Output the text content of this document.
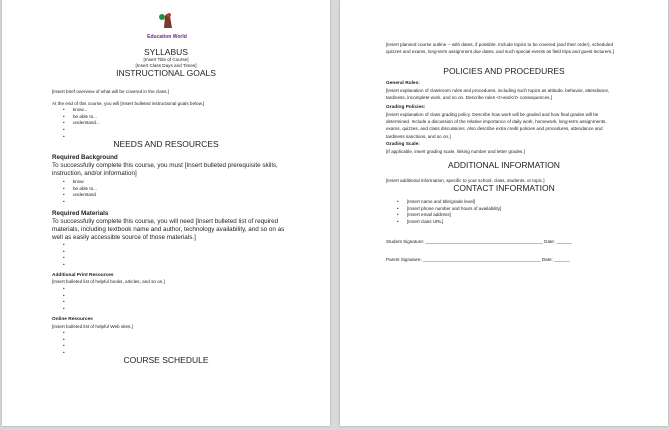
Education World
SYLLABUS
[Insert Title of Course]
[Insert Class Days and Times]
INSTRUCTIONAL GOALS
[Insert brief overview of what will be covered in the class.]
At the end of this course, you will [Insert bulleted instructional goals below.]
• know...
• be able to...
• understand...
•
•
NEEDS AND RESOURCES
Required Background
To successfully complete this course, you must [Insert bulleted prerequisite skills, instruction, and/or information]
• know
• be able to...
• understand
•
Required Materials
To successfully complete this course, you will need [Insert bulleted list of required materials, including textbook name and author, technology availability, and so on as well as easily accessible source of those materials.]
•
•
•
•
Additional Print Resources
[Insert bulleted list of helpful books, articles, and so on.]
•
•
•
•
Online Resources
[Insert bulleted list of helpful Web sites.]
•
•
•
•
COURSE SCHEDULE
[Insert planned course outline -- with dates, if possible. Include topics to be covered (and their order), scheduled quizzes and exams, long-term assignment due dates, and such special events as field trips and guest lecturers.]
POLICIES AND PROCEDURES
General Rules:
[Insert explanation of classroom rules and procedures, including such topics as attitude, behavior, attendance, tardiness, incomplete work, and so on. Describe rules <I>and</I> consequences.]
Grading Policies:
[Insert explanation of class grading policy. Describe how work will be graded and how final grades will be determined. Include a discussion of the relative importance of daily work, homework, long-term assignments, exams, quizzes, and class discussions. Also describe extra credit policies and procedures, attendance and tardiness sanctions, and so on.]
Grading Scale:
[If applicable, insert grading scale, linking number and letter grades.]
ADDITIONAL INFORMATION
[Insert additional information, specific to your school, class, students, or topic.]
CONTACT INFORMATION
• [Insert name and title/grade level]
• [Insert phone number and hours of availability]
• [Insert email address]
• [Insert class URL]
Student Signature: ______________________________________________ Date: ______
Parent Signature: ______________________________________________ Date: ______
